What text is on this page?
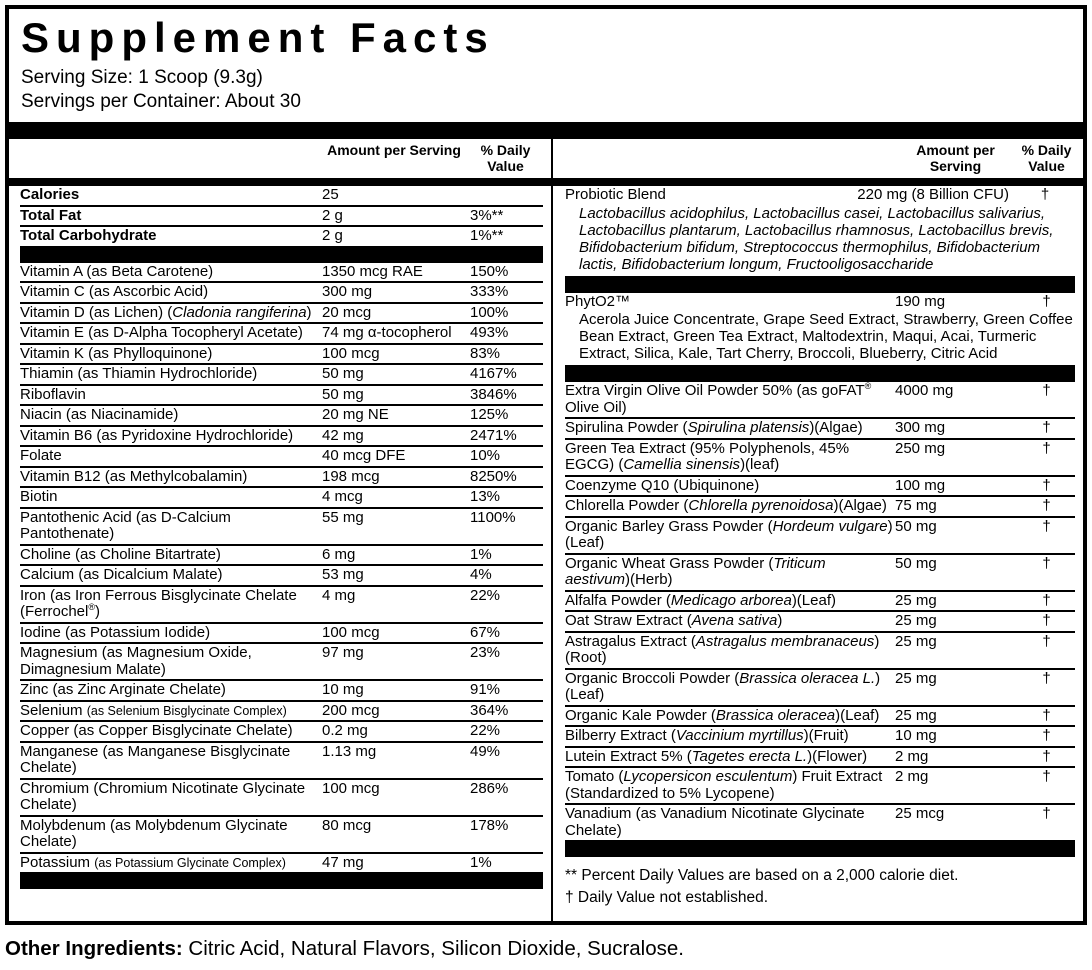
Supplement Facts
Serving Size: 1 Scoop (9.3g)
Servings per Container: About 30
Amount per Serving	% Daily Value
Calories	25
Total Fat	2 g	3%**
Total Carbohydrate	2 g	1%**
Vitamin A (as Beta Carotene)	1350 mcg RAE	150%
Vitamin C (as Ascorbic Acid)	300 mg	333%
Vitamin D (as Lichen) (Cladonia rangiferina) 20 mcg	100%
Vitamin E (as D-Alpha Tocopheryl Acetate)	74 mg α-tocopherol	493%
Vitamin K (as Phylloquinone)	100 mcg	83%
Thiamin (as Thiamin Hydrochloride)	50 mg	4167%
Riboflavin	50 mg	3846%
Niacin (as Niacinamide)	20 mg NE	125%
Vitamin B6 (as Pyridoxine Hydrochloride)	42 mg	2471%
Folate	40 mcg DFE	10%
Vitamin B12 (as Methylcobalamin)	198 mcg	8250%
Biotin	4 mcg	13%
Pantothenic Acid (as D-Calcium Pantothenate)
55 mg	1100%
Choline (as Choline Bitartrate)	6 mg	1%
Calcium (as Dicalcium Malate)	53 mg	4%
Iron (as Iron Ferrous Bisglycinate Chelate (Ferrochel®)
4 mg	22%
Iodine (as Potassium Iodide)	100 mcg	67%
Magnesium (as Magnesium Oxide, Dimagnesium Malate)
97 mg	23%
Zinc (as Zinc Arginate Chelate)	10 mg	91%
Selenium (as Selenium Bisglycinate Complex)	200 mcg	364%
Copper (as Copper Bisglycinate Chelate)	0.2 mg	22%
Manganese (as Manganese Bisglycinate Chelate)
1.13 mg	49%
Chromium (Chromium Nicotinate Glycinate Chelate)
100 mcg	286%
Molybdenum (as Molybdenum Glycinate Chelate)
80 mcg	178%
Potassium (as Potassium Glycinate Complex)	47 mg	1%
Amount per Serving
% Daily Value
Probiotic Blend	220 mg (8 Billion CFU)	†
Lactobacillus acidophilus, Lactobacillus casei, Lactobacillus salivarius, Lactobacillus plantarum, Lactobacillus rhamnosus, Lactobacillus brevis, Bifidobacterium bifidum, Streptococcus thermophilus, Bifidobacterium lactis, Bifidobacterium longum, Fructooligosaccharide
PhytO2™	190 mg	†
Acerola Juice Concentrate, Grape Seed Extract, Strawberry, Green Coffee Bean Extract, Green Tea Extract, Maltodextrin, Maqui, Acai, Turmeric Extract, Silica, Kale, Tart Cherry, Broccoli, Blueberry, Citric Acid
Extra Virgin Olive Oil Powder 50% (as goFAT® Olive Oil)
4000 mg	†
Spirulina Powder (Spirulina platensis)(Algae)	300 mg	†
Green Tea Extract (95% Polyphenols, 45% EGCG) (Camellia sinensis)(leaf)
250 mg	†
Coenzyme Q10 (Ubiquinone)	100 mg	†
Chlorella Powder (Chlorella pyrenoidosa)(Algae) 75 mg	†
Organic Barley Grass Powder (Hordeum vulgare)(Leaf)
50 mg	†
Organic Wheat Grass Powder (Triticum aestivum)(Herb)
50 mg	†
Alfalfa Powder (Medicago arborea)(Leaf)	25 mg	†
Oat Straw Extract (Avena sativa)	25 mg	†
Astragalus Extract (Astragalus membranaceus)(Root)
25 mg	†
Organic Broccoli Powder (Brassica oleracea L.)(Leaf)
25 mg	†
Organic Kale Powder (Brassica oleracea)(Leaf)	25 mg	†
Bilberry Extract (Vaccinium myrtillus)(Fruit)	10 mg	†
Lutein Extract 5% (Tagetes erecta L.)(Flower)	2 mg	†
Tomato (Lycopersicon esculentum) Fruit Extract (Standardized to 5% Lycopene)
2 mg	†
Vanadium (as Vanadium Nicotinate Glycinate Chelate)
25 mcg	†
** Percent Daily Values are based on a 2,000 calorie diet.
† Daily Value not established.
Other Ingredients: Citric Acid, Natural Flavors, Silicon Dioxide, Sucralose.
